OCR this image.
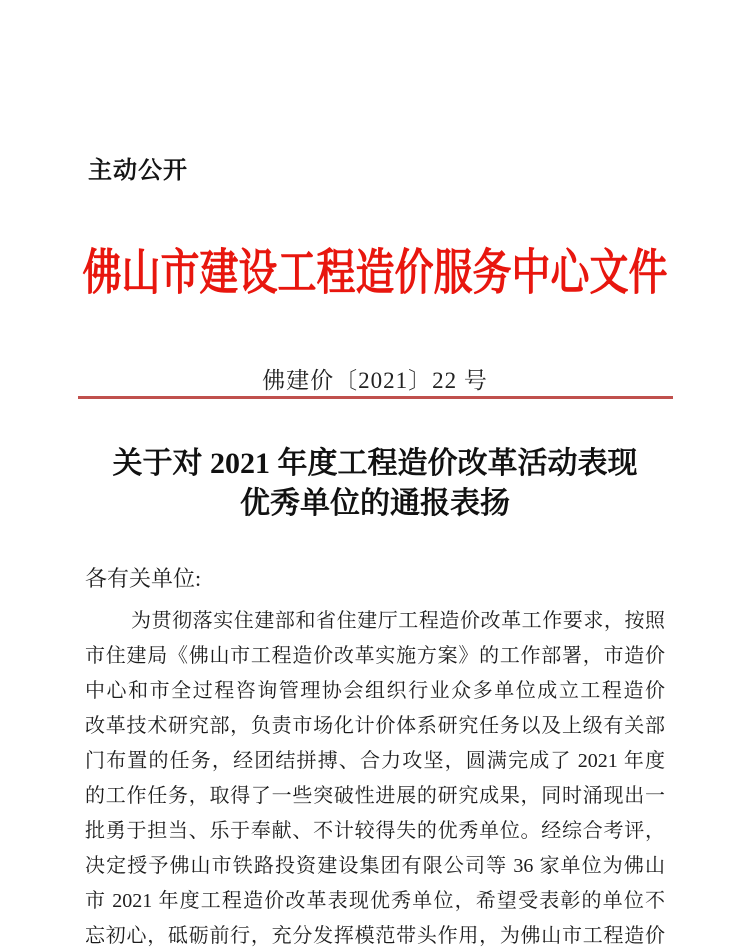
主动公开
佛山市建设工程造价服务中心文件
佛建价〔2021〕22 号
关于对 2021 年度工程造价改革活动表现
优秀单位的通报表扬
各有关单位:
为贯彻落实住建部和省住建厅工程造价改革工作要求，按照
市住建局《佛山市工程造价改革实施方案》的工作部署，市造价
中心和市全过程咨询管理协会组织行业众多单位成立工程造价
改革技术研究部，负责市场化计价体系研究任务以及上级有关部
门布置的任务，经团结拼搏、合力攻坚，圆满完成了 2021 年度
的工作任务，取得了一些突破性进展的研究成果，同时涌现出一
批勇于担当、乐于奉献、不计较得失的优秀单位。经综合考评，
决定授予佛山市铁路投资建设集团有限公司等 36 家单位为佛山
市 2021 年度工程造价改革表现优秀单位，希望受表彰的单位不
忘初心，砥砺前行，充分发挥模范带头作用，为佛山市工程造价
